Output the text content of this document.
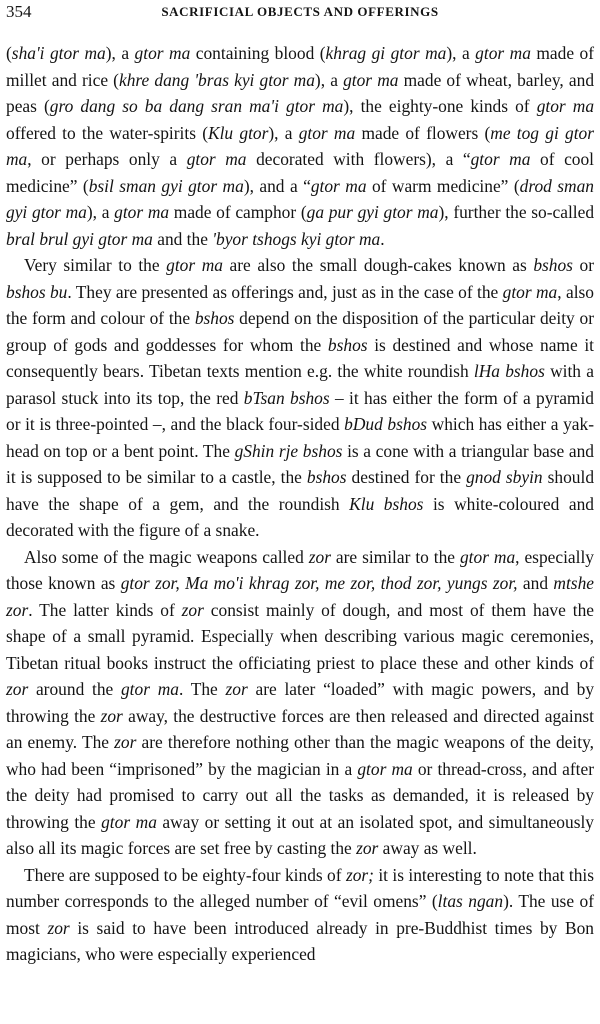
354	SACRIFICIAL OBJECTS AND OFFERINGS

(sha'i gtor ma), a gtor ma containing blood (khrag gi gtor ma), a gtor ma made of millet and rice (khre dang 'bras kyi gtor ma), a gtor ma made of wheat, barley, and peas (gro dang so ba dang sran ma'i gtor ma), the eighty-one kinds of gtor ma offered to the water-spirits (Klu gtor), a gtor ma made of flowers (me tog gi gtor ma, or perhaps only a gtor ma decorated with flowers), a “gtor ma of cool medicine” (bsil sman gyi gtor ma), and a “gtor ma of warm medicine” (drod sman gyi gtor ma), a gtor ma made of camphor (ga pur gyi gtor ma), further the so-called bral brul gyi gtor ma and the 'byor tshogs kyi gtor ma.

Very similar to the gtor ma are also the small dough-cakes known as bshos or bshos bu. They are presented as offerings and, just as in the case of the gtor ma, also the form and colour of the bshos depend on the disposition of the particular deity or group of gods and goddesses for whom the bshos is destined and whose name it consequently bears. Tibetan texts mention e.g. the white roundish lHa bshos with a parasol stuck into its top, the red bTsan bshos – it has either the form of a pyramid or it is three-pointed –, and the black four-sided bDud bshos which has either a yak-head on top or a bent point. The gShin rje bshos is a cone with a triangular base and it is supposed to be similar to a castle, the bshos destined for the gnod sbyin should have the shape of a gem, and the roundish Klu bshos is white-coloured and decorated with the figure of a snake.

Also some of the magic weapons called zor are similar to the gtor ma, especially those known as gtor zor, Ma mo'i khrag zor, me zor, thod zor, yungs zor, and mtshe zor. The latter kinds of zor consist mainly of dough, and most of them have the shape of a small pyramid. Especially when describing various magic ceremonies, Tibetan ritual books instruct the officiating priest to place these and other kinds of zor around the gtor ma. The zor are later “loaded” with magic powers, and by throwing the zor away, the destructive forces are then released and directed against an enemy. The zor are therefore nothing other than the magic weapons of the deity, who had been “imprisoned” by the magician in a gtor ma or thread-cross, and after the deity had promised to carry out all the tasks as demanded, it is released by throwing the gtor ma away or setting it out at an isolated spot, and simultaneously also all its magic forces are set free by casting the zor away as well.

There are supposed to be eighty-four kinds of zor; it is interesting to note that this number corresponds to the alleged number of “evil omens” (ltas ngan). The use of most zor is said to have been introduced already in pre-Buddhist times by Bon magicians, who were especially experienced
